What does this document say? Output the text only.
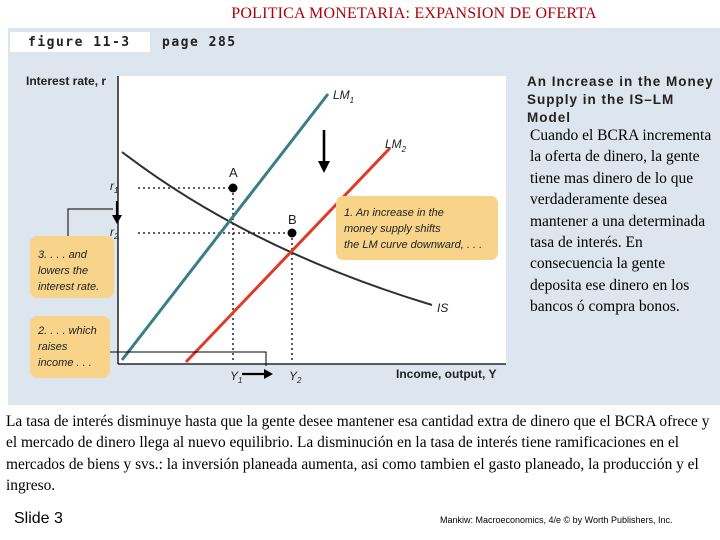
POLITICA MONETARIA: EXPANSION DE OFERTA
figure 11-3 page 285
Interest rate, r
Income, output, Y
A
B
$LM_1$
$LM_2$
IS
$r_1$
$r_2$
$Y_1$	$Y_2$
1. An increase in the
money supply shifts
the LM curve downward, . . .
3. . . . and
lowers the
interest rate.
2. . . . which
raises
income . . .
An Increase in the Money Supply in the IS–LM Model
Cuando el BCRA incrementa la oferta de dinero, la gente tiene mas dinero de lo que verdaderamente desea mantener a una determinada tasa de interés. En consecuencia la gente deposita ese dinero en los bancos ó compra bonos.
La tasa de interés disminuye hasta que la gente desee mantener esa cantidad extra de dinero que el BCRA ofrece y el mercado de dinero llega al nuevo equilibrio. La disminución en la tasa de interés tiene ramificaciones en el mercados de biens y svs.: la inversión planeada aumenta, asi como tambien el gasto planeado, la producción y el ingreso.
Slide 3	Mankiw: Macroeconomics, 4/e © by Worth Publishers, Inc.
